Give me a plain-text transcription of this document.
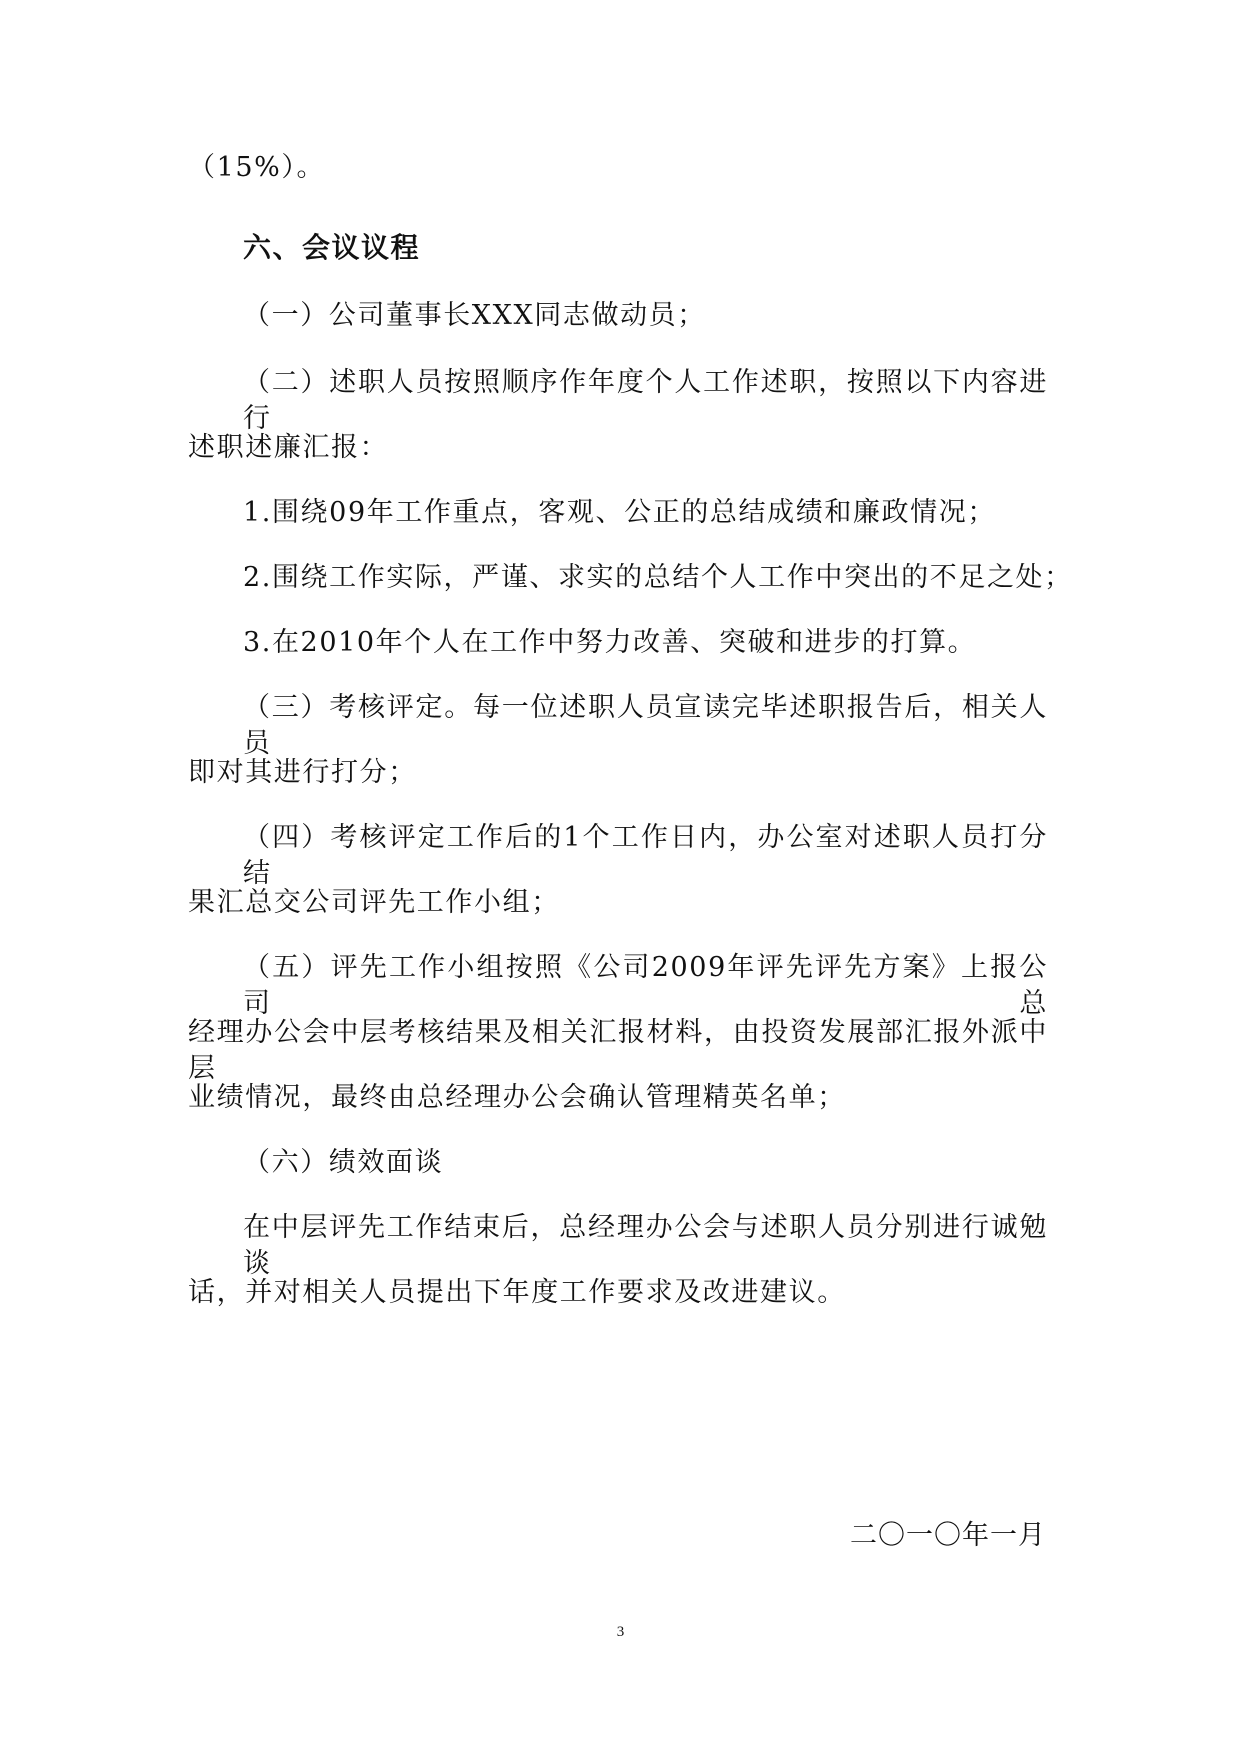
（15%）。
六、会议议程
（一）公司董事长XXX同志做动员；
（二）述职人员按照顺序作年度个人工作述职，按照以下内容进行
述职述廉汇报：
1.围绕09年工作重点，客观、公正的总结成绩和廉政情况；
2.围绕工作实际，严谨、求实的总结个人工作中突出的不足之处；
3.在2010年个人在工作中努力改善、突破和进步的打算。
（三）考核评定。每一位述职人员宣读完毕述职报告后，相关人员
即对其进行打分；
（四）考核评定工作后的1个工作日内，办公室对述职人员打分结
果汇总交公司评先工作小组；
（五）评先工作小组按照《公司2009年评先评先方案》上报公司总
经理办公会中层考核结果及相关汇报材料，由投资发展部汇报外派中层
业绩情况，最终由总经理办公会确认管理精英名单；
（六）绩效面谈
在中层评先工作结束后，总经理办公会与述职人员分别进行诚勉谈
话，并对相关人员提出下年度工作要求及改进建议。
二〇一〇年一月
3
